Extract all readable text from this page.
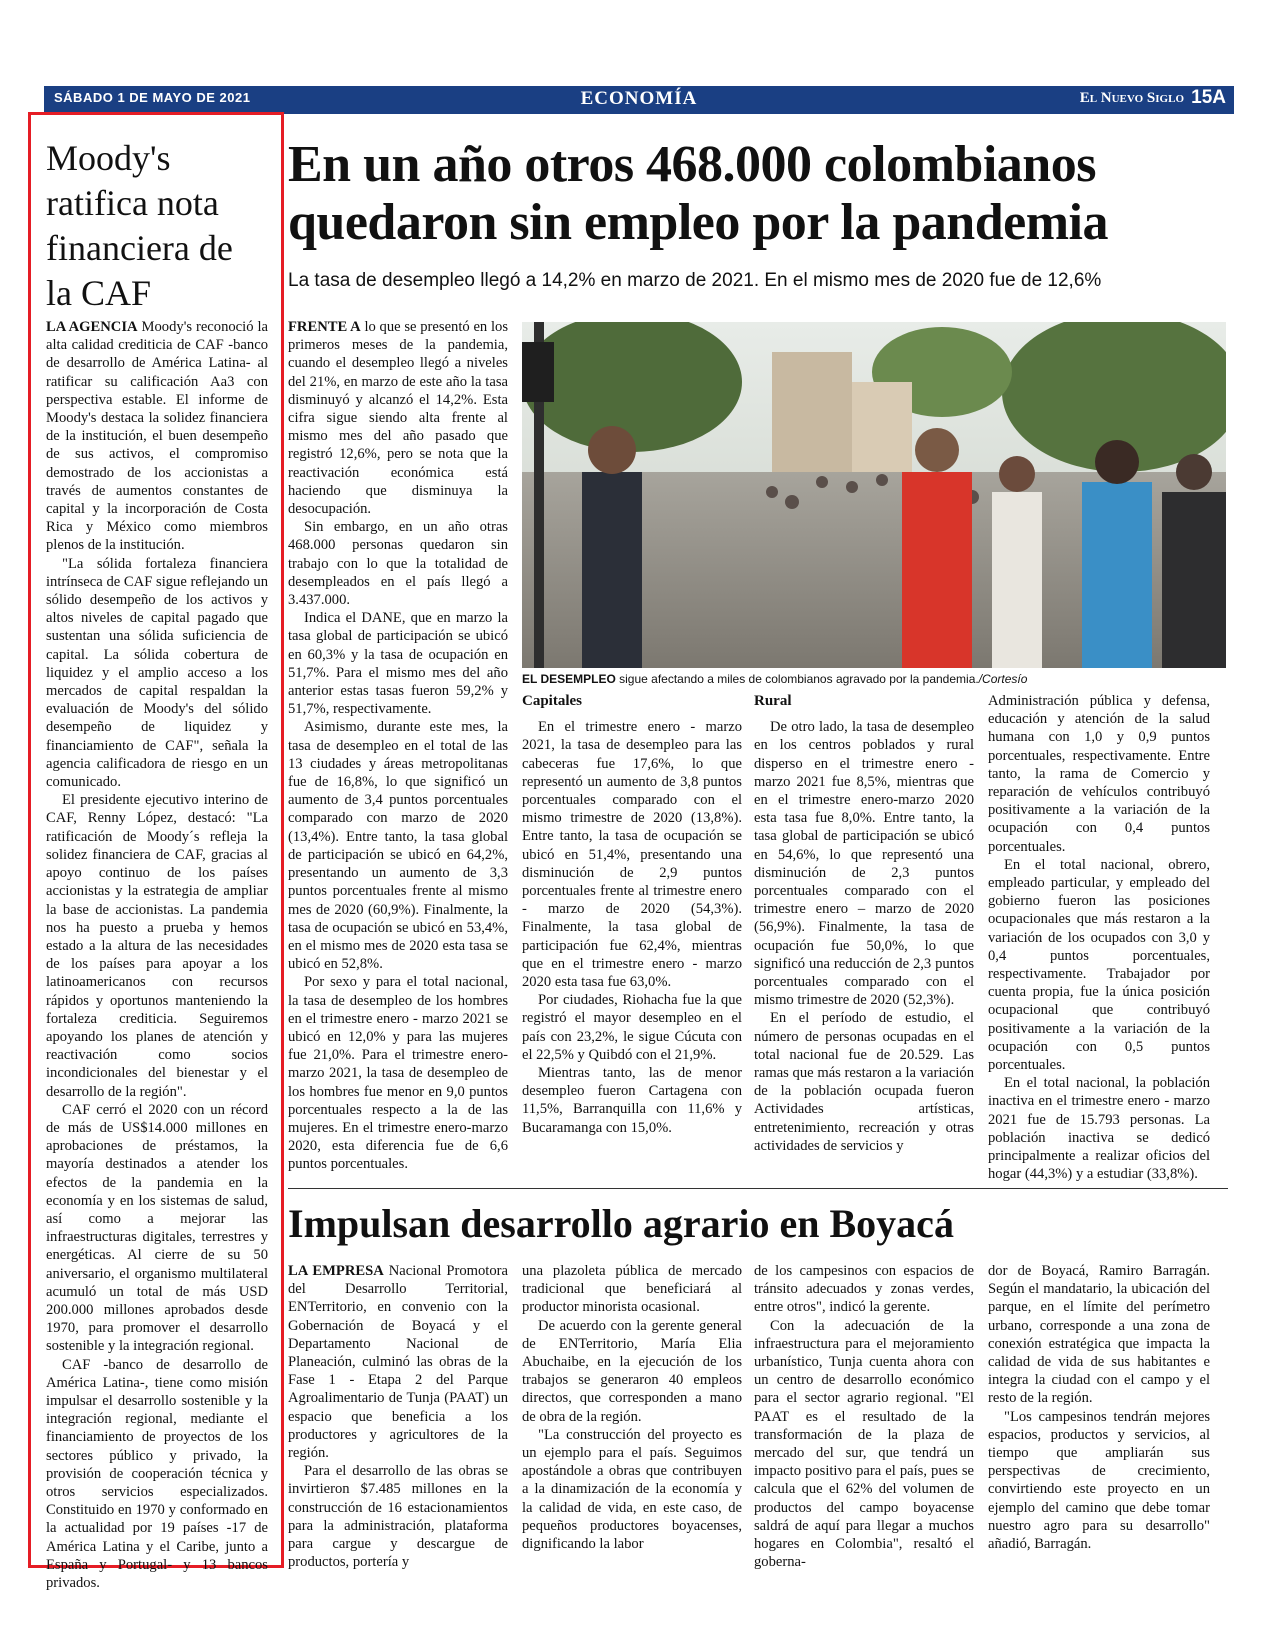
SÁBADO 1 DE MAYO DE 2021	ECONOMÍA	El Nuevo Siglo 15A
Moody's ratifica nota financiera de la CAF

LA AGENCIA Moody's reconoció la alta calidad crediticia de CAF -banco de desarrollo de América Latina- al ratificar su calificación Aa3 con perspectiva estable. El informe de Moody's destaca la solidez financiera de la institución, el buen desempeño de sus activos, el compromiso demostrado de los accionistas a través de aumentos constantes de capital y la incorporación de Costa Rica y México como miembros plenos de la institución.

"La sólida fortaleza financiera intrínseca de CAF sigue reflejando un sólido desempeño de los activos y altos niveles de capital pagado que sustentan una sólida suficiencia de capital. La sólida cobertura de liquidez y el amplio acceso a los mercados de capital respaldan la evaluación de Moody's del sólido desempeño de liquidez y financiamiento de CAF", señala la agencia calificadora de riesgo en un comunicado.

El presidente ejecutivo interino de CAF, Renny López, destacó: "La ratificación de Moody´s refleja la solidez financiera de CAF, gracias al apoyo continuo de los países accionistas y la estrategia de ampliar la base de accionistas. La pandemia nos ha puesto a prueba y hemos estado a la altura de las necesidades de los países para apoyar a los latinoamericanos con recursos rápidos y oportunos manteniendo la fortaleza crediticia. Seguiremos apoyando los planes de atención y reactivación como socios incondicionales del bienestar y el desarrollo de la región".

CAF cerró el 2020 con un récord de más de US$14.000 millones en aprobaciones de préstamos, la mayoría destinados a atender los efectos de la pandemia en la economía y en los sistemas de salud, así como a mejorar las infraestructuras digitales, terrestres y energéticas. Al cierre de su 50 aniversario, el organismo multilateral acumuló un total de más USD 200.000 millones aprobados desde 1970, para promover el desarrollo sostenible y la integración regional.

CAF -banco de desarrollo de América Latina-, tiene como misión impulsar el desarrollo sostenible y la integración regional, mediante el financiamiento de proyectos de los sectores público y privado, la provisión de cooperación técnica y otros servicios especializados. Constituido en 1970 y conformado en la actualidad por 19 países -17 de América Latina y el Caribe, junto a España y Portugal- y 13 bancos privados.

En un año otros 468.000 colombianos quedaron sin empleo por la pandemia
La tasa de desempleo llegó a 14,2% en marzo de 2021. En el mismo mes de 2020 fue de 12,6%

FRENTE A lo que se presentó en los primeros meses de la pandemia, cuando el desempleo llegó a niveles del 21%, en marzo de este año la tasa disminuyó y alcanzó el 14,2%. Esta cifra sigue siendo alta frente al mismo mes del año pasado que registró 12,6%, pero se nota que la reactivación económica está haciendo que disminuya la desocupación.

Sin embargo, en un año otras 468.000 personas quedaron sin trabajo con lo que la totalidad de desempleados en el país llegó a 3.437.000.

Indica el DANE, que en marzo la tasa global de participación se ubicó en 60,3% y la tasa de ocupación en 51,7%. Para el mismo mes del año anterior estas tasas fueron 59,2% y 51,7%, respectivamente.

Asimismo, durante este mes, la tasa de desempleo en el total de las 13 ciudades y áreas metropolitanas fue de 16,8%, lo que significó un aumento de 3,4 puntos porcentuales comparado con marzo de 2020 (13,4%). Entre tanto, la tasa global de participación se ubicó en 64,2%, presentando un aumento de 3,3 puntos porcentuales frente al mismo mes de 2020 (60,9%). Finalmente, la tasa de ocupación se ubicó en 53,4%, en el mismo mes de 2020 esta tasa se ubicó en 52,8%.

Por sexo y para el total nacional, la tasa de desempleo de los hombres en el trimestre enero - marzo 2021 se ubicó en 12,0% y para las mujeres fue 21,0%. Para el trimestre enero-marzo 2021, la tasa de desempleo de los hombres fue menor en 9,0 puntos porcentuales respecto a la de las mujeres. En el trimestre enero-marzo 2020, esta diferencia fue de 6,6 puntos porcentuales.

EL DESEMPLEO sigue afectando a miles de colombianos agravado por la pandemia./Cortesío
Capitales

En el trimestre enero - marzo 2021, la tasa de desempleo para las cabeceras fue 17,6%, lo que representó un aumento de 3,8 puntos porcentuales comparado con el mismo trimestre de 2020 (13,8%). Entre tanto, la tasa de ocupación se ubicó en 51,4%, presentando una disminución de 2,9 puntos porcentuales frente al trimestre enero - marzo de 2020 (54,3%). Finalmente, la tasa global de participación fue 62,4%, mientras que en el trimestre enero - marzo 2020 esta tasa fue 63,0%.

Por ciudades, Riohacha fue la que registró el mayor desempleo en el país con 23,2%, le sigue Cúcuta con el 22,5% y Quibdó con el 21,9%.

Mientras tanto, las de menor desempleo fueron Cartagena con 11,5%, Barranquilla con 11,6% y Bucaramanga con 15,0%.

Rural

De otro lado, la tasa de desempleo en los centros poblados y rural disperso en el trimestre enero - marzo 2021 fue 8,5%, mientras que en el trimestre enero-marzo 2020 esta tasa fue 8,0%. Entre tanto, la tasa global de participación se ubicó en 54,6%, lo que representó una disminución de 2,3 puntos porcentuales comparado con el trimestre enero – marzo de 2020 (56,9%). Finalmente, la tasa de ocupación fue 50,0%, lo que significó una reducción de 2,3 puntos porcentuales comparado con el mismo trimestre de 2020 (52,3%).

En el período de estudio, el número de personas ocupadas en el total nacional fue de 20.529. Las ramas que más restaron a la variación de la población ocupada fueron Actividades artísticas, entretenimiento, recreación y otras actividades de servicios y

Administración pública y defensa, educación y atención de la salud humana con 1,0 y 0,9 puntos porcentuales, respectivamente. Entre tanto, la rama de Comercio y reparación de vehículos contribuyó positivamente a la variación de la ocupación con 0,4 puntos porcentuales.

En el total nacional, obrero, empleado particular, y empleado del gobierno fueron las posiciones ocupacionales que más restaron a la variación de los ocupados con 3,0 y 0,4 puntos porcentuales, respectivamente. Trabajador por cuenta propia, fue la única posición ocupacional que contribuyó positivamente a la variación de la ocupación con 0,5 puntos porcentuales.

En el total nacional, la población inactiva en el trimestre enero - marzo 2021 fue de 15.793 personas. La población inactiva se dedicó principalmente a realizar oficios del hogar (44,3%) y a estudiar (33,8%).

Impulsan desarrollo agrario en Boyacá

LA EMPRESA Nacional Promotora del Desarrollo Territorial, ENTerritorio, en convenio con la Gobernación de Boyacá y el Departamento Nacional de Planeación, culminó las obras de la Fase 1 - Etapa 2 del Parque Agroalimentario de Tunja (PAAT) un espacio que beneficia a los productores y agricultores de la región.

Para el desarrollo de las obras se invirtieron $7.485 millones en la construcción de 16 estacionamientos para la administración, plataforma para cargue y descargue de productos, portería y

una plazoleta pública de mercado tradicional que beneficiará al productor minorista ocasional.

De acuerdo con la gerente general de ENTerritorio, María Elia Abuchaibe, en la ejecución de los trabajos se generaron 40 empleos directos, que corresponden a mano de obra de la región.

"La construcción del proyecto es un ejemplo para el país. Seguimos apostándole a obras que contribuyen a la dinamización de la economía y la calidad de vida, en este caso, de pequeños productores boyacenses, dignificando la labor

de los campesinos con espacios de tránsito adecuados y zonas verdes, entre otros", indicó la gerente.

Con la adecuación de la infraestructura para el mejoramiento urbanístico, Tunja cuenta ahora con un centro de desarrollo económico para el sector agrario regional. "El PAAT es el resultado de la transformación de la plaza de mercado del sur, que tendrá un impacto positivo para el país, pues se calcula que el 62% del volumen de productos del campo boyacense saldrá de aquí para llegar a muchos hogares en Colombia", resaltó el goberna-

dor de Boyacá, Ramiro Barragán. Según el mandatario, la ubicación del parque, en el límite del perímetro urbano, corresponde a una zona de conexión estratégica que impacta la calidad de vida de sus habitantes e integra la ciudad con el campo y el resto de la región.

"Los campesinos tendrán mejores espacios, productos y servicios, al tiempo que ampliarán sus perspectivas de crecimiento, convirtiendo este proyecto en un ejemplo del camino que debe tomar nuestro agro para su desarrollo" añadió, Barragán.
